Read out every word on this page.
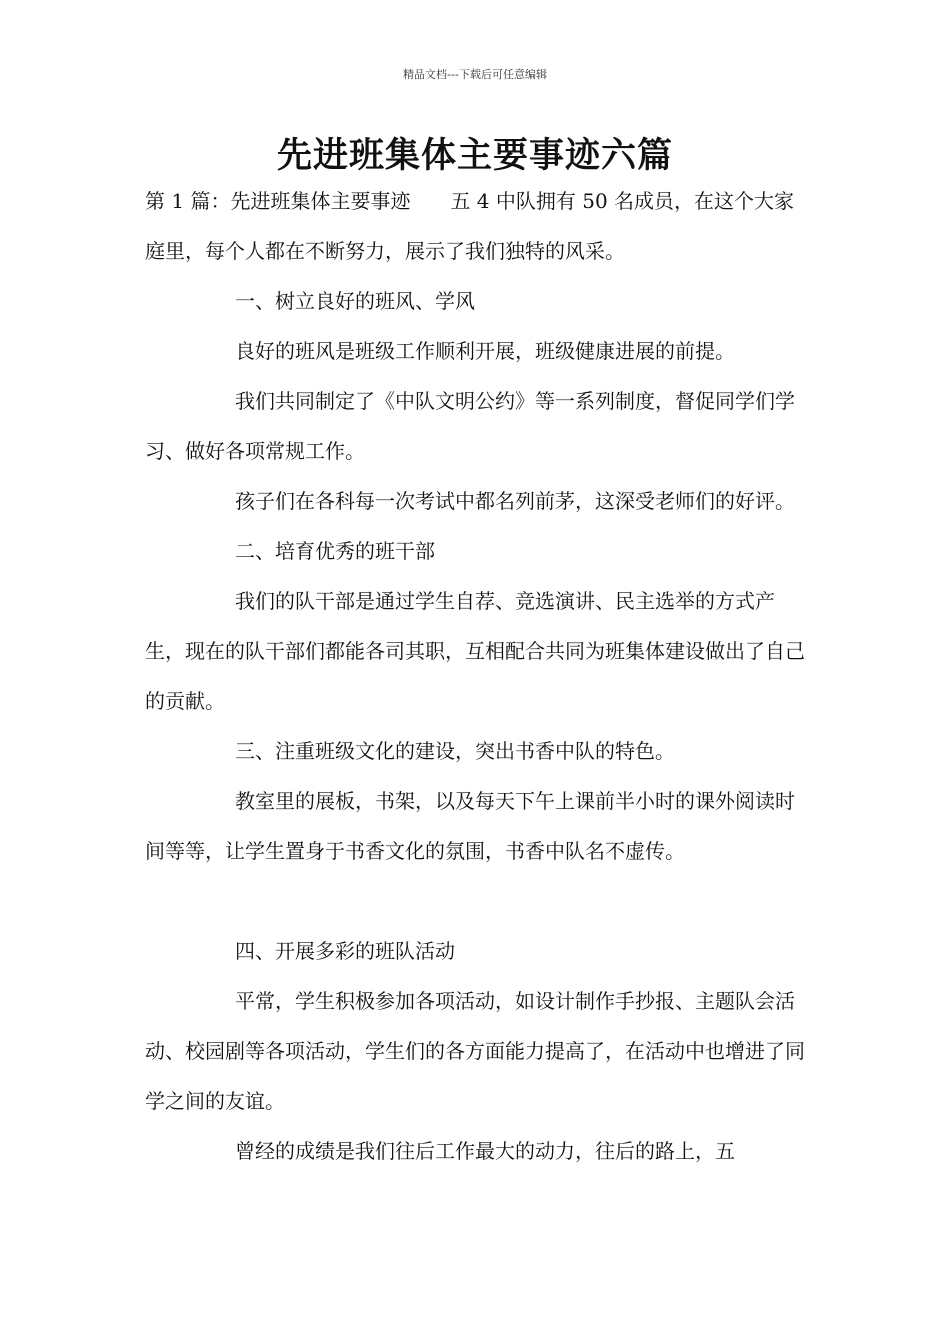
精品文档---下载后可任意编辑
先进班集体主要事迹六篇

第 1 篇：先进班集体主要事迹　　五 4 中队拥有 50 名成员，在这个大家庭里，每个人都在不断努力，展示了我们独特的风采。

一、树立良好的班风、学风

良好的班风是班级工作顺利开展，班级健康进展的前提。

我们共同制定了《中队文明公约》等一系列制度，督促同学们学习、做好各项常规工作。

孩子们在各科每一次考试中都名列前茅，这深受老师们的好评。

二、培育优秀的班干部

我们的队干部是通过学生自荐、竞选演讲、民主选举的方式产生，现在的队干部们都能各司其职，互相配合共同为班集体建设做出了自己的贡献。

三、注重班级文化的建设，突出书香中队的特色。

教室里的展板，书架，以及每天下午上课前半小时的课外阅读时间等等，让学生置身于书香文化的氛围，书香中队名不虚传。

四、开展多彩的班队活动

平常，学生积极参加各项活动，如设计制作手抄报、主题队会活动、校园剧等各项活动，学生们的各方面能力提高了，在活动中也增进了同学之间的友谊。

曾经的成绩是我们往后工作最大的动力，往后的路上，五
